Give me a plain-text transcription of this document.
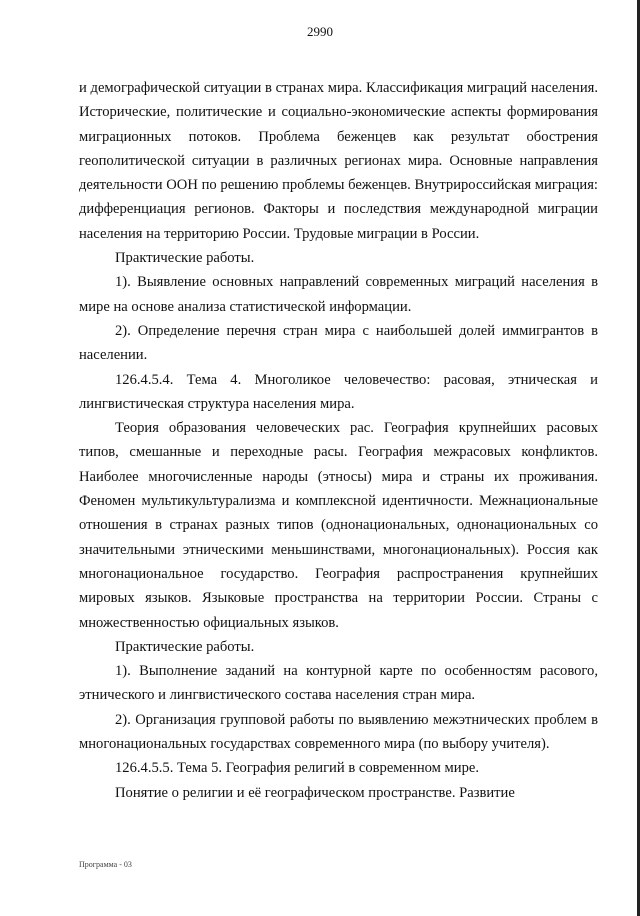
2990

и демографической ситуации в странах мира. Классификация миграций населения. Исторические, политические и социально-экономические аспекты формирования миграционных потоков. Проблема беженцев как результат обострения геополитической ситуации в различных регионах мира. Основные направления деятельности ООН по решению проблемы беженцев. Внутрироссийская миграция: дифференциация регионов. Факторы и последствия международной миграции населения на территорию России. Трудовые миграции в России.

Практические работы.

1). Выявление основных направлений современных миграций населения в мире на основе анализа статистической информации.

2). Определение перечня стран мира с наибольшей долей иммигрантов в населении.

126.4.5.4. Тема 4. Многоликое человечество: расовая, этническая и лингвистическая структура населения мира.

Теория образования человеческих рас. География крупнейших расовых типов, смешанные и переходные расы. География межрасовых конфликтов. Наиболее многочисленные народы (этносы) мира и страны их проживания. Феномен мультикультурализма и комплексной идентичности. Межнациональные отношения в странах разных типов (однонациональных, однонациональных со значительными этническими меньшинствами, многонациональных). Россия как многонациональное государство. География распространения крупнейших мировых языков. Языковые пространства на территории России. Страны с множественностью официальных языков.

Практические работы.

1). Выполнение заданий на контурной карте по особенностям расового, этнического и лингвистического состава населения стран мира.

2). Организация групповой работы по выявлению межэтнических проблем в многонациональных государствах современного мира (по выбору учителя).

126.4.5.5. Тема 5. География религий в современном мире.

Понятие о религии и её географическом пространстве. Развитие

Программа - 03
